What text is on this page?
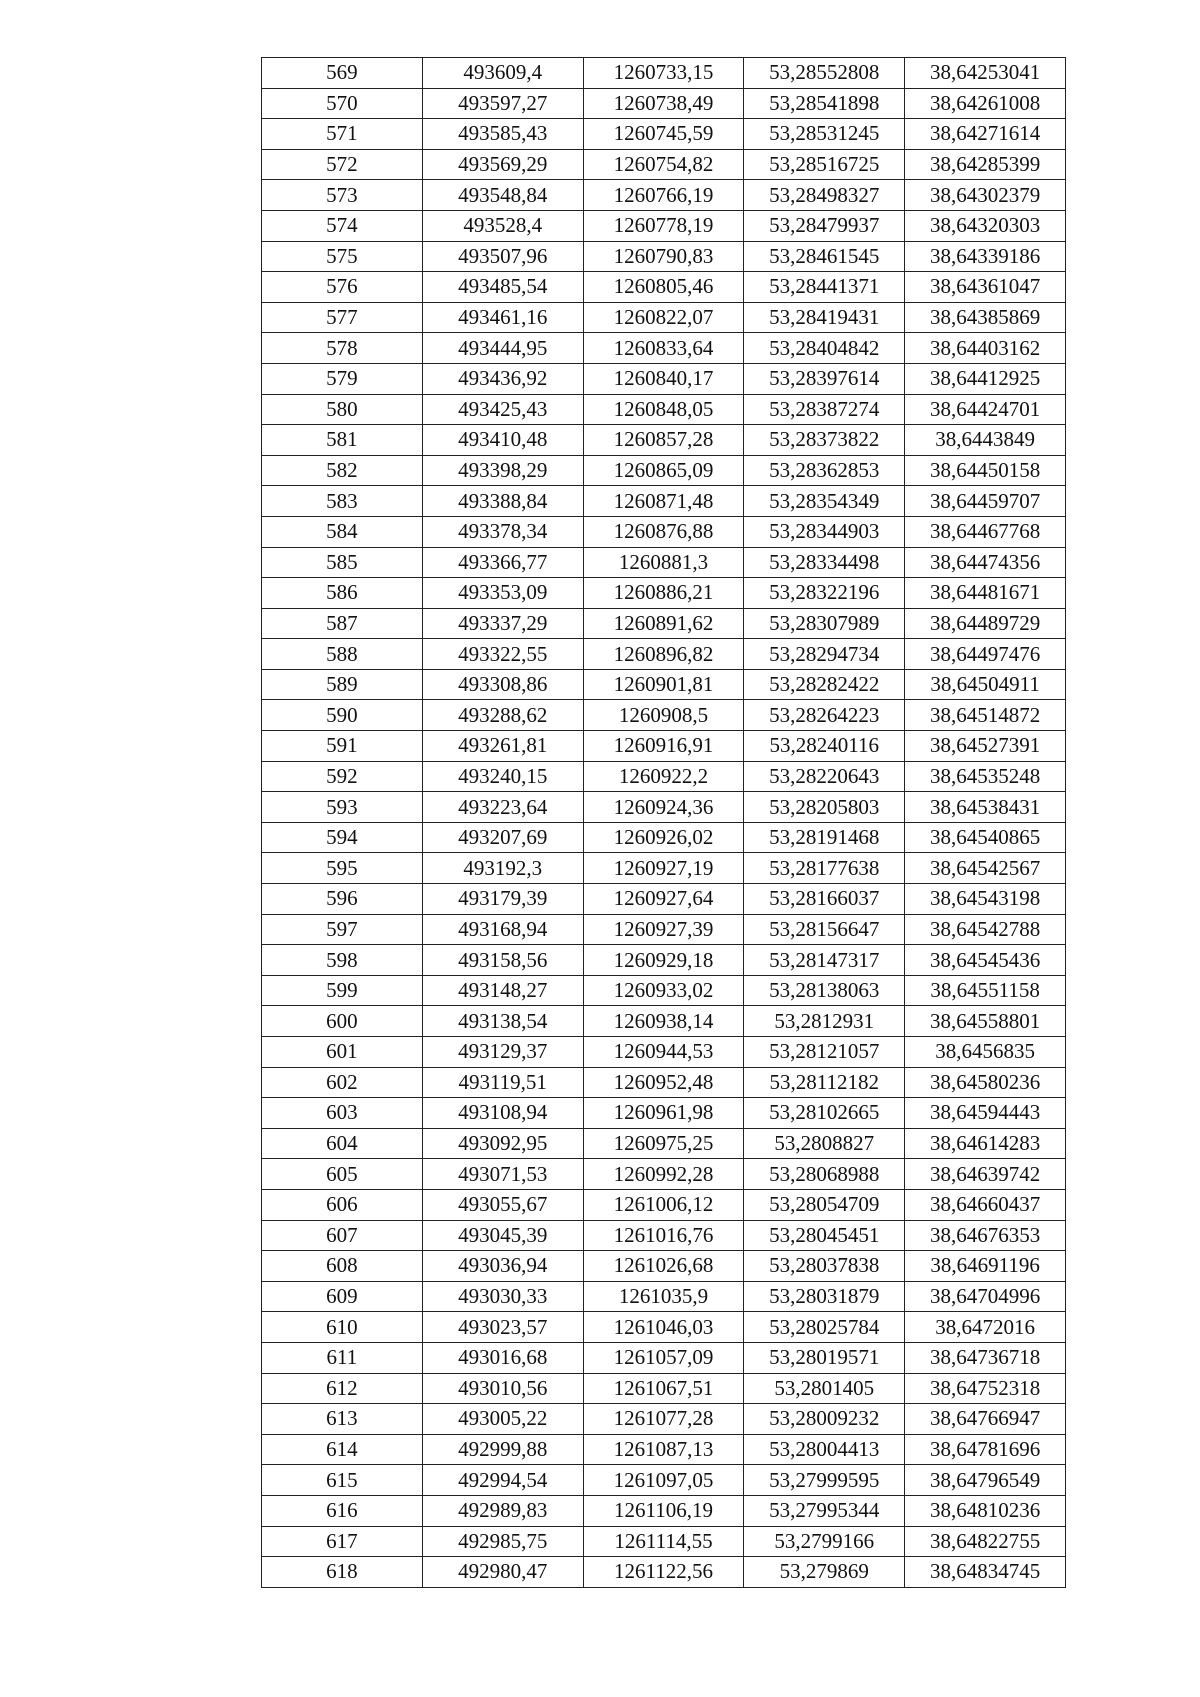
569	493609,4	1260733,15	53,28552808	38,64253041
570	493597,27	1260738,49	53,28541898	38,64261008
571	493585,43	1260745,59	53,28531245	38,64271614
572	493569,29	1260754,82	53,28516725	38,64285399
573	493548,84	1260766,19	53,28498327	38,64302379
574	493528,4	1260778,19	53,28479937	38,64320303
575	493507,96	1260790,83	53,28461545	38,64339186
576	493485,54	1260805,46	53,28441371	38,64361047
577	493461,16	1260822,07	53,28419431	38,64385869
578	493444,95	1260833,64	53,28404842	38,64403162
579	493436,92	1260840,17	53,28397614	38,64412925
580	493425,43	1260848,05	53,28387274	38,64424701
581	493410,48	1260857,28	53,28373822	38,6443849
582	493398,29	1260865,09	53,28362853	38,64450158
583	493388,84	1260871,48	53,28354349	38,64459707
584	493378,34	1260876,88	53,28344903	38,64467768
585	493366,77	1260881,3	53,28334498	38,64474356
586	493353,09	1260886,21	53,28322196	38,64481671
587	493337,29	1260891,62	53,28307989	38,64489729
588	493322,55	1260896,82	53,28294734	38,64497476
589	493308,86	1260901,81	53,28282422	38,64504911
590	493288,62	1260908,5	53,28264223	38,64514872
591	493261,81	1260916,91	53,28240116	38,64527391
592	493240,15	1260922,2	53,28220643	38,64535248
593	493223,64	1260924,36	53,28205803	38,64538431
594	493207,69	1260926,02	53,28191468	38,64540865
595	493192,3	1260927,19	53,28177638	38,64542567
596	493179,39	1260927,64	53,28166037	38,64543198
597	493168,94	1260927,39	53,28156647	38,64542788
598	493158,56	1260929,18	53,28147317	38,64545436
599	493148,27	1260933,02	53,28138063	38,64551158
600	493138,54	1260938,14	53,2812931	38,64558801
601	493129,37	1260944,53	53,28121057	38,6456835
602	493119,51	1260952,48	53,28112182	38,64580236
603	493108,94	1260961,98	53,28102665	38,64594443
604	493092,95	1260975,25	53,2808827	38,64614283
605	493071,53	1260992,28	53,28068988	38,64639742
606	493055,67	1261006,12	53,28054709	38,64660437
607	493045,39	1261016,76	53,28045451	38,64676353
608	493036,94	1261026,68	53,28037838	38,64691196
609	493030,33	1261035,9	53,28031879	38,64704996
610	493023,57	1261046,03	53,28025784	38,6472016
611	493016,68	1261057,09	53,28019571	38,64736718
612	493010,56	1261067,51	53,2801405	38,64752318
613	493005,22	1261077,28	53,28009232	38,64766947
614	492999,88	1261087,13	53,28004413	38,64781696
615	492994,54	1261097,05	53,27999595	38,64796549
616	492989,83	1261106,19	53,27995344	38,64810236
617	492985,75	1261114,55	53,2799166	38,64822755
618	492980,47	1261122,56	53,279869	38,64834745
